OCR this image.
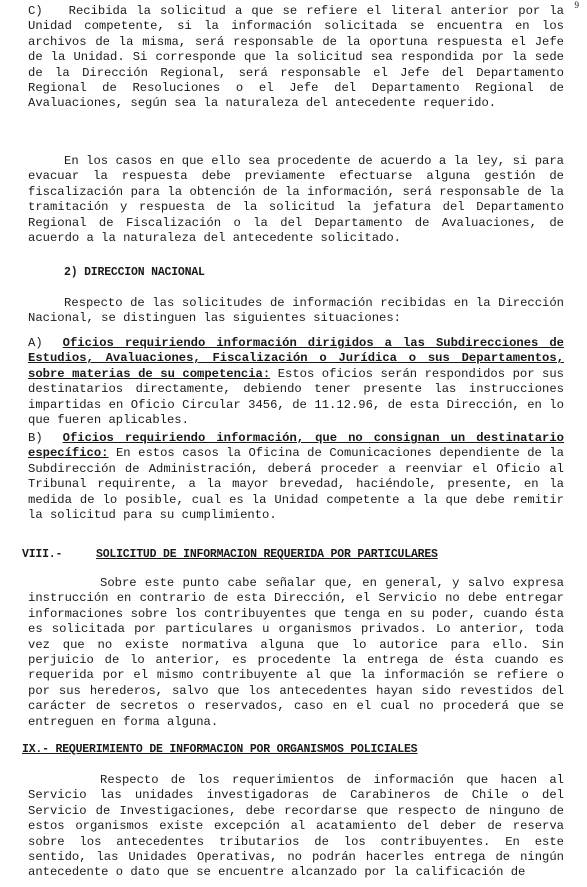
9
C) Recibida la solicitud a que se refiere el literal anterior por la Unidad competente, si la información solicitada se encuentra en los archivos de la misma, será responsable de la oportuna respuesta el Jefe de la Unidad. Si corresponde que la solicitud sea respondida por la sede de la Dirección Regional, será responsable el Jefe del Departamento Regional de Resoluciones o el Jefe del Departamento Regional de Avaluaciones, según sea la naturaleza del antecedente requerido.
En los casos en que ello sea procedente de acuerdo a la ley, si para evacuar la respuesta debe previamente efectuarse alguna gestión de fiscalización para la obtención de la información, será responsable de la tramitación y respuesta de la solicitud la jefatura del Departamento Regional de Fiscalización o la del Departamento de Avaluaciones, de acuerdo a la naturaleza del antecedente solicitado.
2) DIRECCION NACIONAL
Respecto de las solicitudes de información recibidas en la Dirección Nacional, se distinguen las siguientes situaciones:
A) Oficios requiriendo información dirigidos a las Subdirecciones de Estudios, Avaluaciones, Fiscalización o Jurídica o sus Departamentos, sobre materias de su competencia: Estos oficios serán respondidos por sus destinatarios directamente, debiendo tener presente las instrucciones impartidas en Oficio Circular 3456, de 11.12.96, de esta Dirección, en lo que fueren aplicables.
B) Oficios requiriendo información, que no consignan un destinatario específico: En estos casos la Oficina de Comunicaciones dependiente de la Subdirección de Administración, deberá proceder a reenviar el Oficio al Tribunal requirente, a la mayor brevedad, haciéndole, presente, en la medida de lo posible, cual es la Unidad competente a la que debe remitir la solicitud para su cumplimiento.
VIII.-	SOLICITUD DE INFORMACION REQUERIDA POR PARTICULARES
Sobre este punto cabe señalar que, en general, y salvo expresa instrucción en contrario de esta Dirección, el Servicio no debe entregar informaciones sobre los contribuyentes que tenga en su poder, cuando ésta es solicitada por particulares u organismos privados. Lo anterior, toda vez que no existe normativa alguna que lo autorice para ello. Sin perjuicio de lo anterior, es procedente la entrega de ésta cuando es requerida por el mismo contribuyente al que la información se refiere o por sus herederos, salvo que los antecedentes hayan sido revestidos del carácter de secretos o reservados, caso en el cual no procederá que se entreguen en forma alguna.
IX.- REQUERIMIENTO DE INFORMACION POR ORGANISMOS POLICIALES
Respecto de los requerimientos de información que hacen al Servicio las unidades investigadoras de Carabineros de Chile o del Servicio de Investigaciones, debe recordarse que respecto de ninguno de estos organismos existe excepción al acatamiento del deber de reserva sobre los antecedentes tributarios de los contribuyentes. En este sentido, las Unidades Operativas, no podrán hacerles entrega de ningún antecedente o dato que se encuentre alcanzado por la calificación de
